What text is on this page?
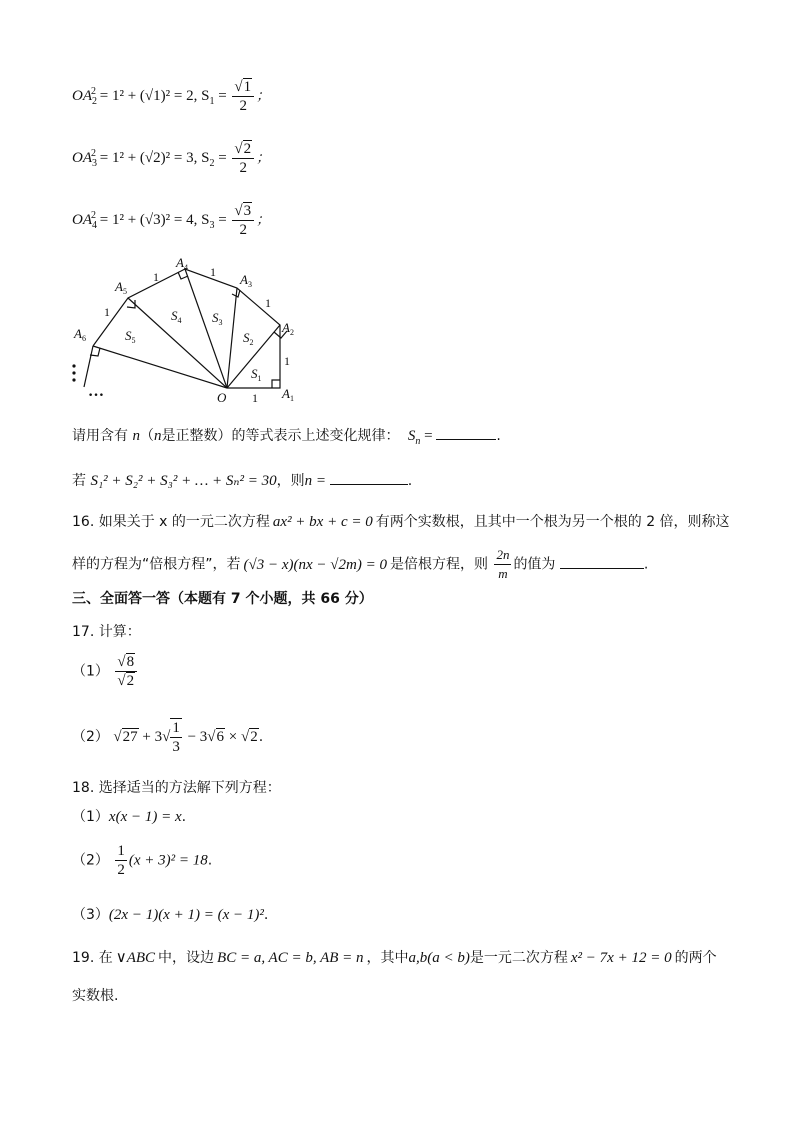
$OA_2^2 = 1^2 + (√1)^2 = 2$, $S_1 = \frac{√1}{2}$ ；
$OA_3^2 = 1^2 + (√2)^2 = 3$, $S_2 = \frac{√2}{2}$ ；
$OA_4^2 = 1^2 + (√3)^2 = 4$, $S_3 = \frac{√3}{2}$ ；
$A_1$
$A_2$
$A_3$
$A_4$
$A_5$
$A_6$
O
$S_1$
$S_2$
$S_3$
$S_4$
$S_5$
1
1
1
1
1
1
…
请用含有 n（n是正整数）的等式表示上述变化规律： $S_n$ =	.
若 S₁² + S₂² + S₃² + … + Sₙ² = 30，则n =	.
16. 如果关于 x 的一元二次方程 ax² + bx + c = 0 有两个实数根，且其中一个根为另一个根的 2 倍，则称这
样的方程为“倍根方程”，若 (√3 − x)(nx − √2m) = 0 是倍根方程，则 $\frac{2n}{m}$ 的值为	.
三、全面答一答（本题有 7 个小题，共 66 分）
17. 计算：
$(1) \frac{√8}{√2}$
（2） $√27 + 3√ \frac{1}{3} - 3√6 \times √2$.
18. 选择适当的方法解下列方程：
（1）x(x − 1) = x.
$(2) \frac{1}{2} (x + 3)^2 = 18$.
（3）(2x − 1)(x + 1) = (x − 1)².
19. 在 ∨ABC 中，设边 BC = a, AC = b, AB = n ，其中a,b(a < b)是一元二次方程 x² − 7x + 12 = 0 的两个
实数根.
